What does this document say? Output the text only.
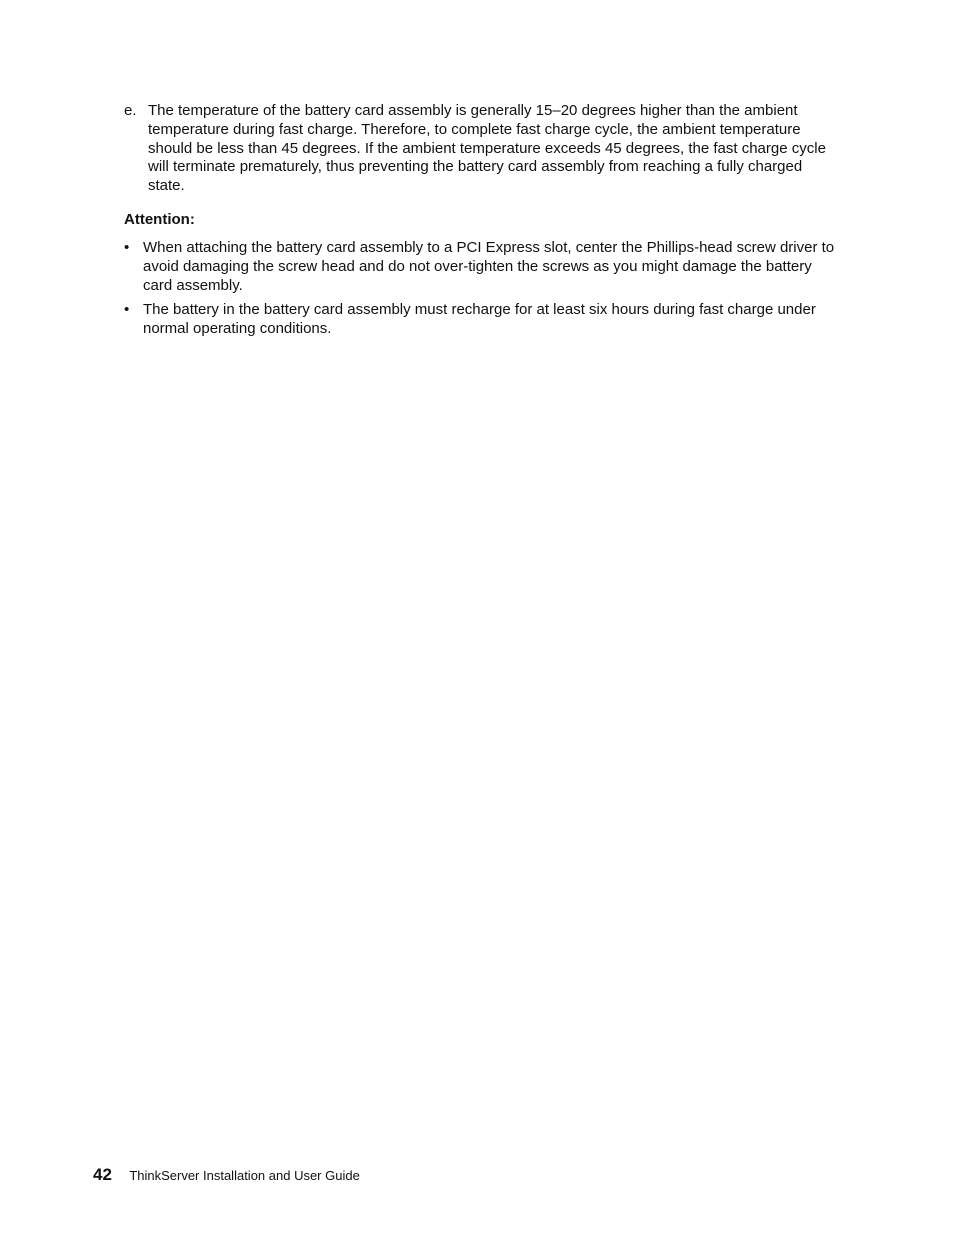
e. The temperature of the battery card assembly is generally 15–20 degrees higher than the ambient temperature during fast charge. Therefore, to complete fast charge cycle, the ambient temperature should be less than 45 degrees. If the ambient temperature exceeds 45 degrees, the fast charge cycle will terminate prematurely, thus preventing the battery card assembly from reaching a fully charged state.
Attention:
• When attaching the battery card assembly to a PCI Express slot, center the Phillips-head screw driver to avoid damaging the screw head and do not over-tighten the screws as you might damage the battery card assembly.
• The battery in the battery card assembly must recharge for at least six hours during fast charge under normal operating conditions.
42 ThinkServer Installation and User Guide
